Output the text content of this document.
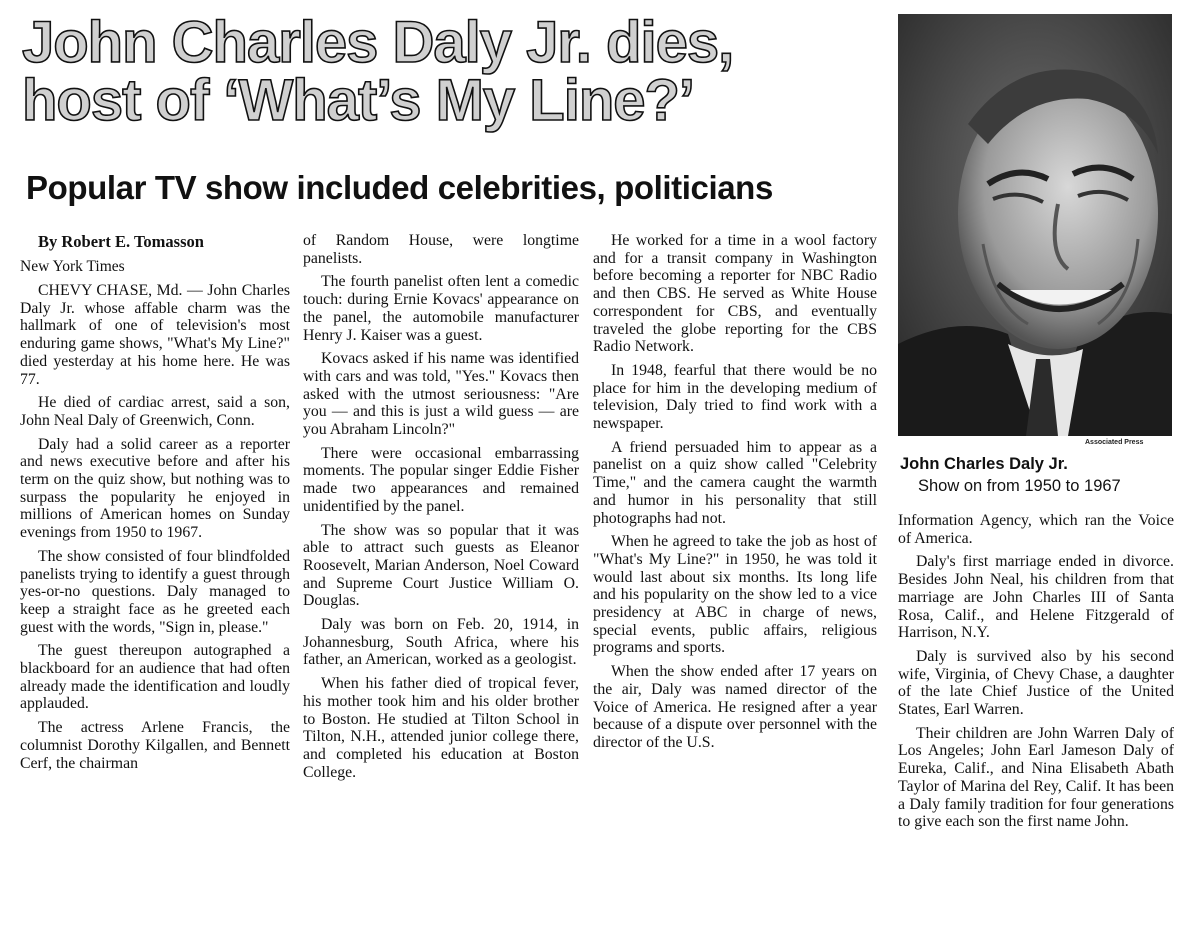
John Charles Daly Jr. dies,
host of ‘What’s My Line?’
Popular TV show included celebrities, politicians

By Robert E. Tomasson

New York Times

CHEVY CHASE, Md. — John Charles Daly Jr. whose affable charm was the hallmark of one of television's most enduring game shows, "What's My Line?" died yesterday at his home here. He was 77.

He died of cardiac arrest, said a son, John Neal Daly of Greenwich, Conn.

Daly had a solid career as a reporter and news executive before and after his term on the quiz show, but nothing was to surpass the popularity he enjoyed in millions of American homes on Sunday evenings from 1950 to 1967.

The show consisted of four blindfolded panelists trying to identify a guest through yes-or-no questions. Daly managed to keep a straight face as he greeted each guest with the words, "Sign in, please."

The guest thereupon autographed a blackboard for an audience that had often already made the identification and loudly applauded.

The actress Arlene Francis, the columnist Dorothy Kilgallen, and Bennett Cerf, the chairman

of Random House, were longtime panelists.

The fourth panelist often lent a comedic touch: during Ernie Kovacs' appearance on the panel, the automobile manufacturer Henry J. Kaiser was a guest.

Kovacs asked if his name was identified with cars and was told, "Yes." Kovacs then asked with the utmost seriousness: "Are you — and this is just a wild guess — are you Abraham Lincoln?"

There were occasional embarrassing moments. The popular singer Eddie Fisher made two appearances and remained unidentified by the panel.

The show was so popular that it was able to attract such guests as Eleanor Roosevelt, Marian Anderson, Noel Coward and Supreme Court Justice William O. Douglas.

Daly was born on Feb. 20, 1914, in Johannesburg, South Africa, where his father, an American, worked as a geologist.

When his father died of tropical fever, his mother took him and his older brother to Boston. He studied at Tilton School in Tilton, N.H., attended junior college there, and completed his education at Boston College.

He worked for a time in a wool factory and for a transit company in Washington before becoming a reporter for NBC Radio and then CBS. He served as White House correspondent for CBS, and eventually traveled the globe reporting for the CBS Radio Network.

In 1948, fearful that there would be no place for him in the developing medium of television, Daly tried to find work with a newspaper.

A friend persuaded him to appear as a panelist on a quiz show called "Celebrity Time," and the camera caught the warmth and humor in his personality that still photographs had not.

When he agreed to take the job as host of "What's My Line?" in 1950, he was told it would last about six months. Its long life and his popularity on the show led to a vice presidency at ABC in charge of news, special events, public affairs, religious programs and sports.

When the show ended after 17 years on the air, Daly was named director of the Voice of America. He resigned after a year because of a dispute over personnel with the director of the U.S.

Associated Press

John Charles Daly Jr.

Show on from 1950 to 1967

Information Agency, which ran the Voice of America.

Daly's first marriage ended in divorce. Besides John Neal, his children from that marriage are John Charles III of Santa Rosa, Calif., and Helene Fitzgerald of Harrison, N.Y.

Daly is survived also by his second wife, Virginia, of Chevy Chase, a daughter of the late Chief Justice of the United States, Earl Warren.

Their children are John Warren Daly of Los Angeles; John Earl Jameson Daly of Eureka, Calif., and Nina Elisabeth Abath Taylor of Marina del Rey, Calif. It has been a Daly family tradition for four generations to give each son the first name John.
